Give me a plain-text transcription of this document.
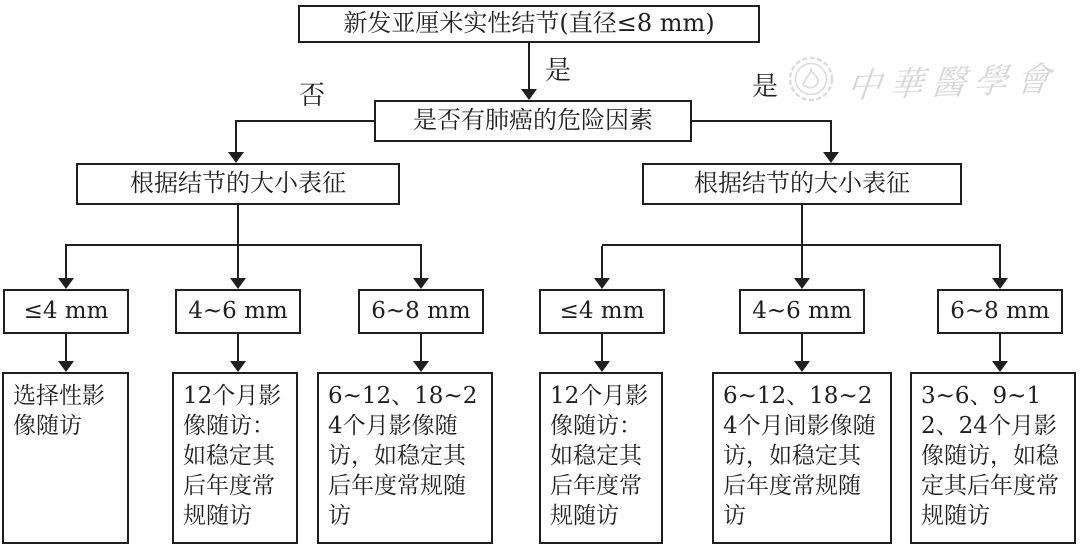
中華醫學會
新发亚厘米实性结节(直径≤8 mm)
是
是否有肺癌的危险因素
否	是
根据结节的大小表征	根据结节的大小表征
≤4 mm	4~6 mm	6~8 mm	≤4 mm	4~6 mm	6~8 mm
选择性影像随访
12个月影像随访：如稳定其后年度常规随访
6~12、18~24个月影像随访，如稳定其后年度常规随访
12个月影像随访：如稳定其后年度常规随访
6~12、18~24个月间影像随访，如稳定其后年度常规随访
3~6、9~12、24个月影像随访，如稳定其后年度常规随访
